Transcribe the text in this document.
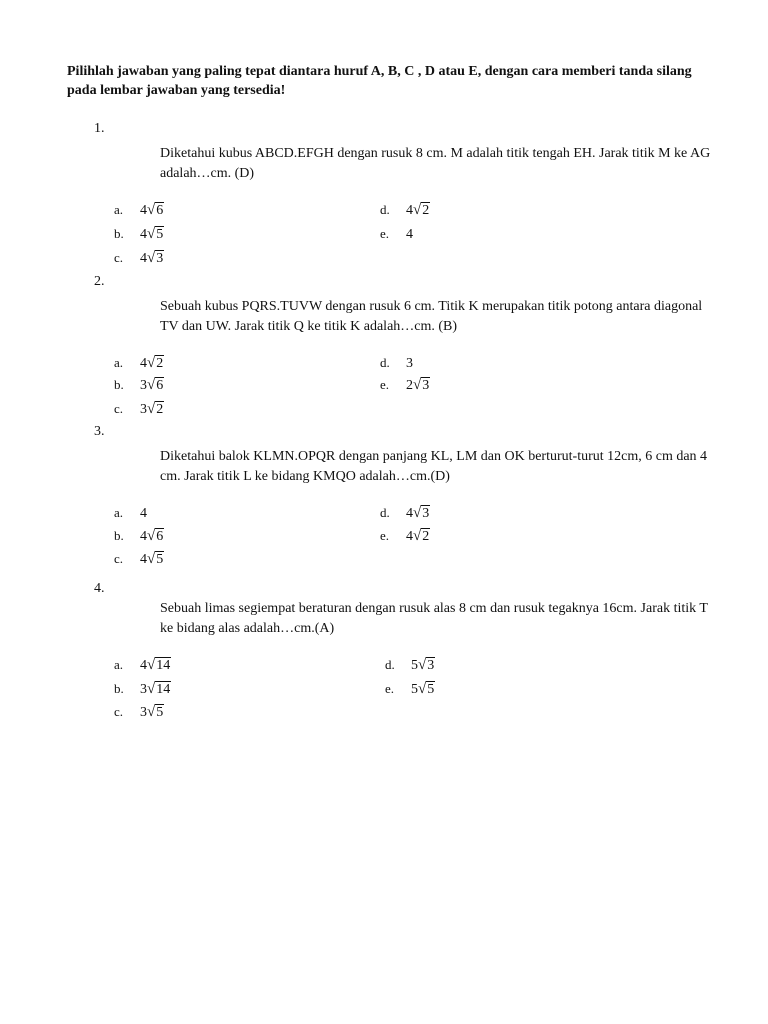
Pilihlah jawaban yang paling tepat diantara huruf A, B, C , D atau E, dengan cara memberi tanda silang pada lembar jawaban yang tersedia!
1.
Diketahui kubus ABCD.EFGH dengan rusuk 8 cm. M adalah titik tengah EH. Jarak titik M ke AG adalah…cm. (D)
a. 4√6
b. 4√5
c. 4√3
d. 4√2
e. 4
2.
Sebuah kubus PQRS.TUVW dengan rusuk 6 cm. Titik K merupakan titik potong antara diagonal TV dan UW. Jarak titik Q ke titik K adalah…cm. (B)
a. 4√2
b. 3√6
c. 3√2
d. 3
e. 2√3
3.
Diketahui balok KLMN.OPQR dengan panjang KL, LM dan OK berturut-turut 12cm, 6 cm dan 4 cm. Jarak titik L ke bidang KMQO adalah…cm.(D)
a. 4
b. 4√6
c. 4√5
d. 4√3
e. 4√2
4.
Sebuah limas segiempat beraturan dengan rusuk alas 8 cm dan rusuk tegaknya 16cm. Jarak titik T ke bidang alas adalah…cm.(A)
a. 4√14
b. 3√14
c. 3√5
d. 5√3
e. 5√5
